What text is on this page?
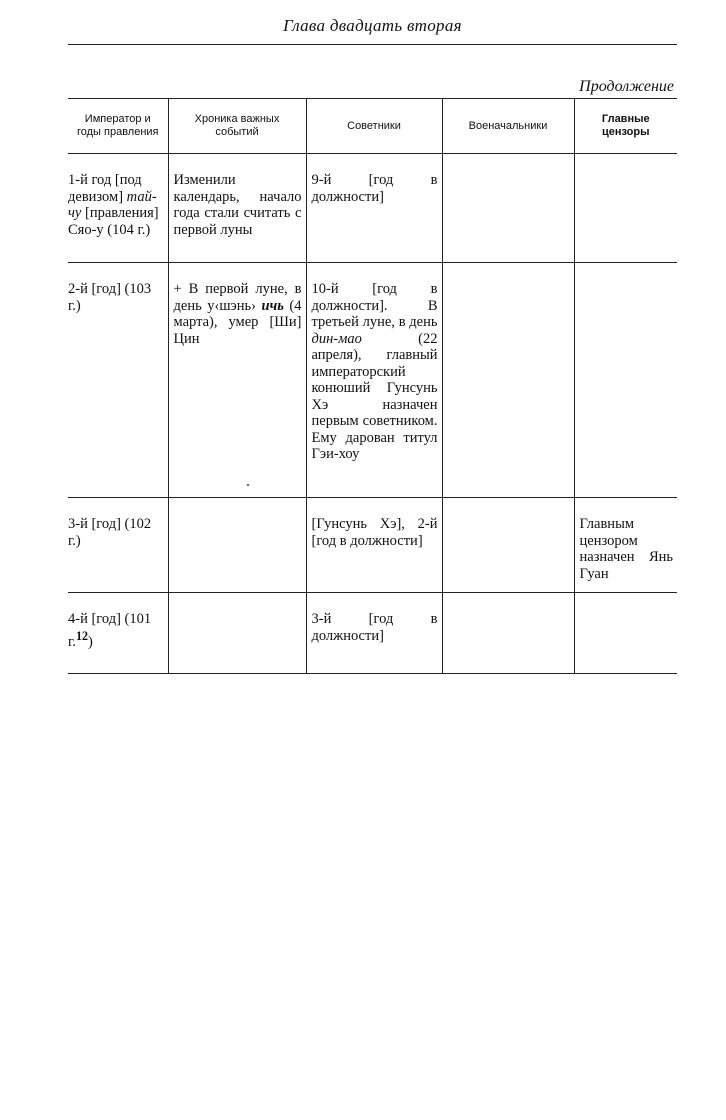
Глава двадцать вторая
Продолжение
Император и годы правления	Хроника важных событий	Советники	Военачальники	Главные цензоры
1-й год [под девизом] тай-чу [правления] Сяо-у (104 г.)	Изменили календарь, начало года стали считать с первой луны	9-й [год в должности]		
2-й [год] (103 г.)	+ В первой луне, в день у‹шэнь› ичь (4 марта), умер [Ши] Цин	10-й [год в должности]. В третьей луне, в день дин-мао (22 апреля), главный императорский конюший Гунсунь Хэ назначен первым советником. Ему дарован титул Гэи-хоу		
3-й [год] (102 г.)		[Гунсунь Хэ], 2-й [год в должности]		Главным цензором назначен Янь Гуан
4-й [год] (101 г.$^{12}$)		3-й [год в должности]		
